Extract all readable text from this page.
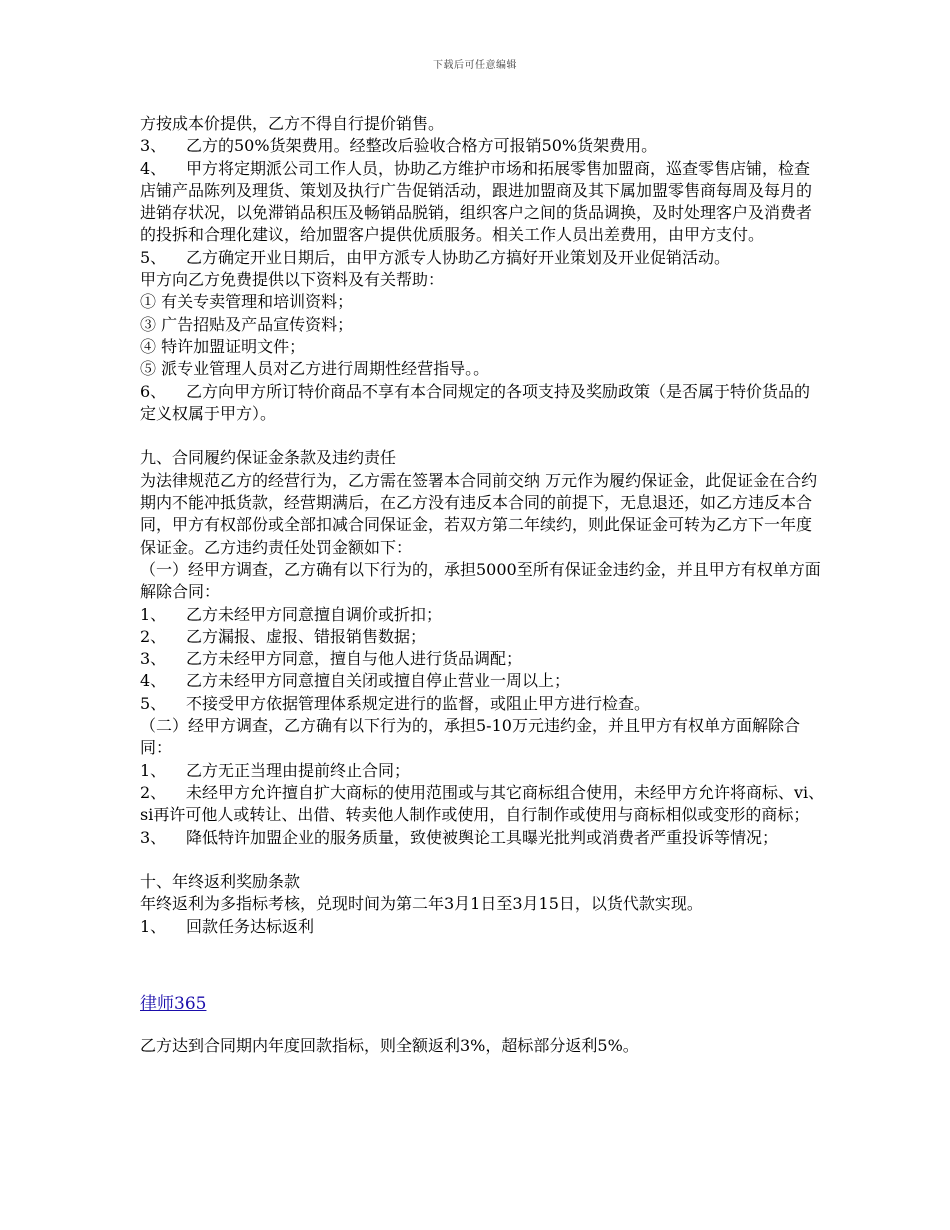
下载后可任意编辑
方按成本价提供，乙方不得自行提价销售。
3、 乙方的50%货架费用。经整改后验收合格方可报销50%货架费用。
4、 甲方将定期派公司工作人员，协助乙方维护市场和拓展零售加盟商，巡查零售店铺，检查店铺产品陈列及理货、策划及执行广告促销活动，跟进加盟商及其下属加盟零售商每周及每月的进销存状况，以免滞销品积压及畅销品脱销，组织客户之间的货品调换，及时处理客户及消费者的投拆和合理化建议，给加盟客户提供优质服务。相关工作人员出差费用，由甲方支付。
5、 乙方确定开业日期后，由甲方派专人协助乙方搞好开业策划及开业促销活动。
甲方向乙方免费提供以下资料及有关帮助：
① 有关专卖管理和培训资料；
③ 广告招贴及产品宣传资料；
④ 特许加盟证明文件；
⑤ 派专业管理人员对乙方进行周期性经营指导。。
6、 乙方向甲方所订特价商品不享有本合同规定的各项支持及奖励政策（是否属于特价货品的定义权属于甲方）。
九、合同履约保证金条款及违约责任
为法律规范乙方的经营行为，乙方需在签署本合同前交纳 万元作为履约保证金，此促证金在合约期内不能冲抵货款，经营期满后，在乙方没有违反本合同的前提下，无息退还，如乙方违反本合同，甲方有权部份或全部扣减合同保证金，若双方第二年续约，则此保证金可转为乙方下一年度保证金。乙方违约责任处罚金额如下：
（一）经甲方调查，乙方确有以下行为的，承担5000至所有保证金违约金，并且甲方有权单方面解除合同：
1、 乙方未经甲方同意擅自调价或折扣；
2、 乙方漏报、虚报、错报销售数据；
3、 乙方未经甲方同意，擅自与他人进行货品调配；
4、 乙方未经甲方同意擅自关闭或擅自停止营业一周以上；
5、 不接受甲方依据管理体系规定进行的监督，或阻止甲方进行检查。
（二）经甲方调查，乙方确有以下行为的，承担5-10万元违约金，并且甲方有权单方面解除合同：
1、 乙方无正当理由提前终止合同；
2、 未经甲方允许擅自扩大商标的使用范围或与其它商标组合使用，未经甲方允许将商标、vi、si再许可他人或转让、出借、转卖他人制作或使用，自行制作或使用与商标相似或变形的商标；
3、 降低特许加盟企业的服务质量，致使被舆论工具曝光批判或消费者严重投诉等情况；
十、年终返利奖励条款
年终返利为多指标考核，兑现时间为第二年3月1日至3月15日，以货代款实现。
1、 回款任务达标返利
律师365
乙方达到合同期内年度回款指标，则全额返利3%，超标部分返利5%。
